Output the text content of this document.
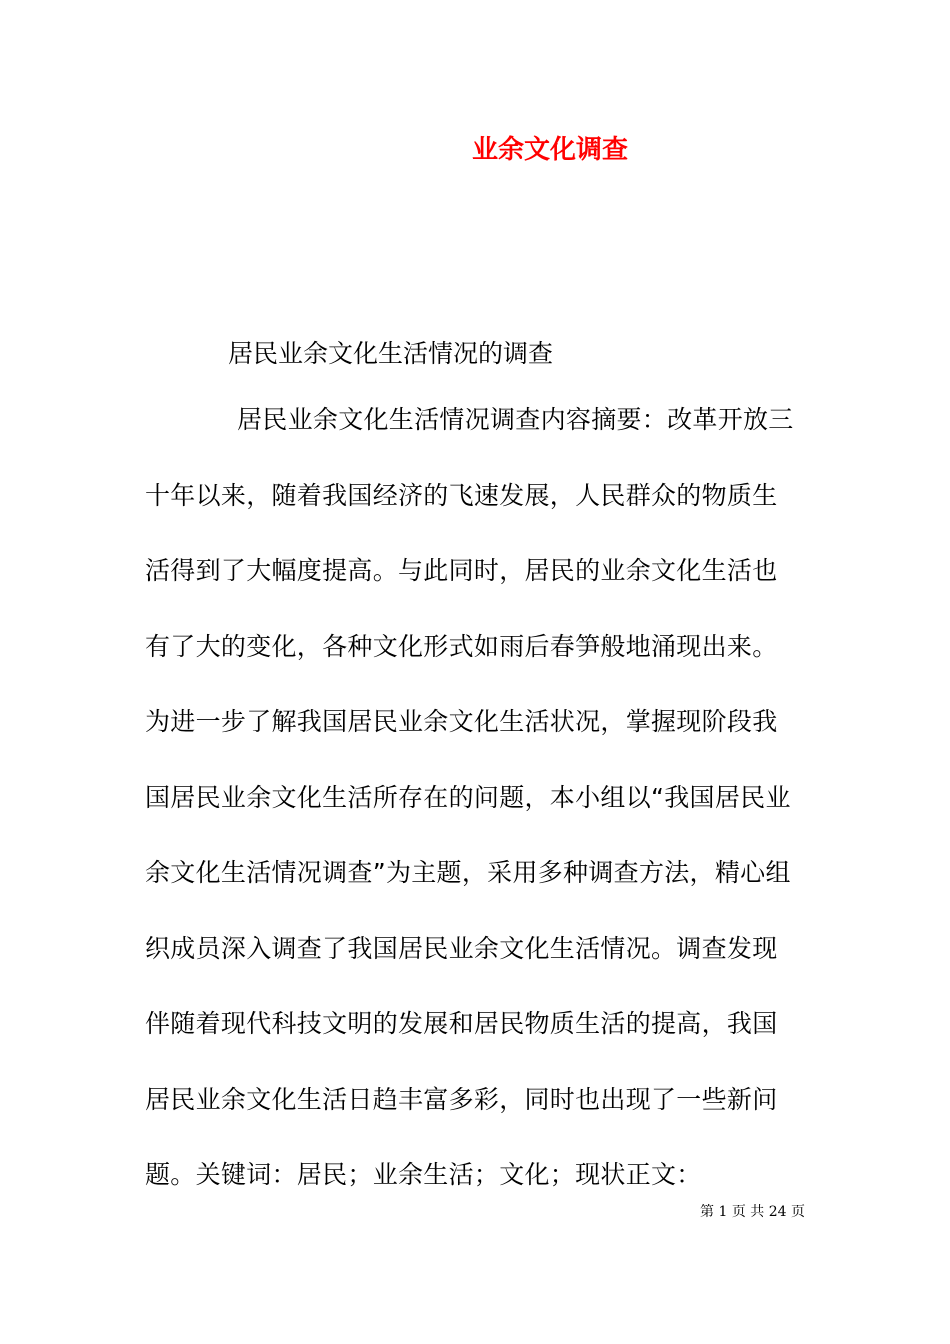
业余文化调查
居民业余文化生活情况的调查
居民业余文化生活情况调查内容摘要：改革开放三
十年以来，随着我国经济的飞速发展，人民群众的物质生
活得到了大幅度提高。与此同时，居民的业余文化生活也
有了大的变化，各种文化形式如雨后春笋般地涌现出来。
为进一步了解我国居民业余文化生活状况，掌握现阶段我
国居民业余文化生活所存在的问题，本小组以“我国居民业
余文化生活情况调查”为主题，采用多种调查方法，精心组
织成员深入调查了我国居民业余文化生活情况。调查发现
伴随着现代科技文明的发展和居民物质生活的提高，我国
居民业余文化生活日趋丰富多彩，同时也出现了一些新问
题。关键词：居民；业余生活；文化；现状正文：
第 1 页 共 24 页
